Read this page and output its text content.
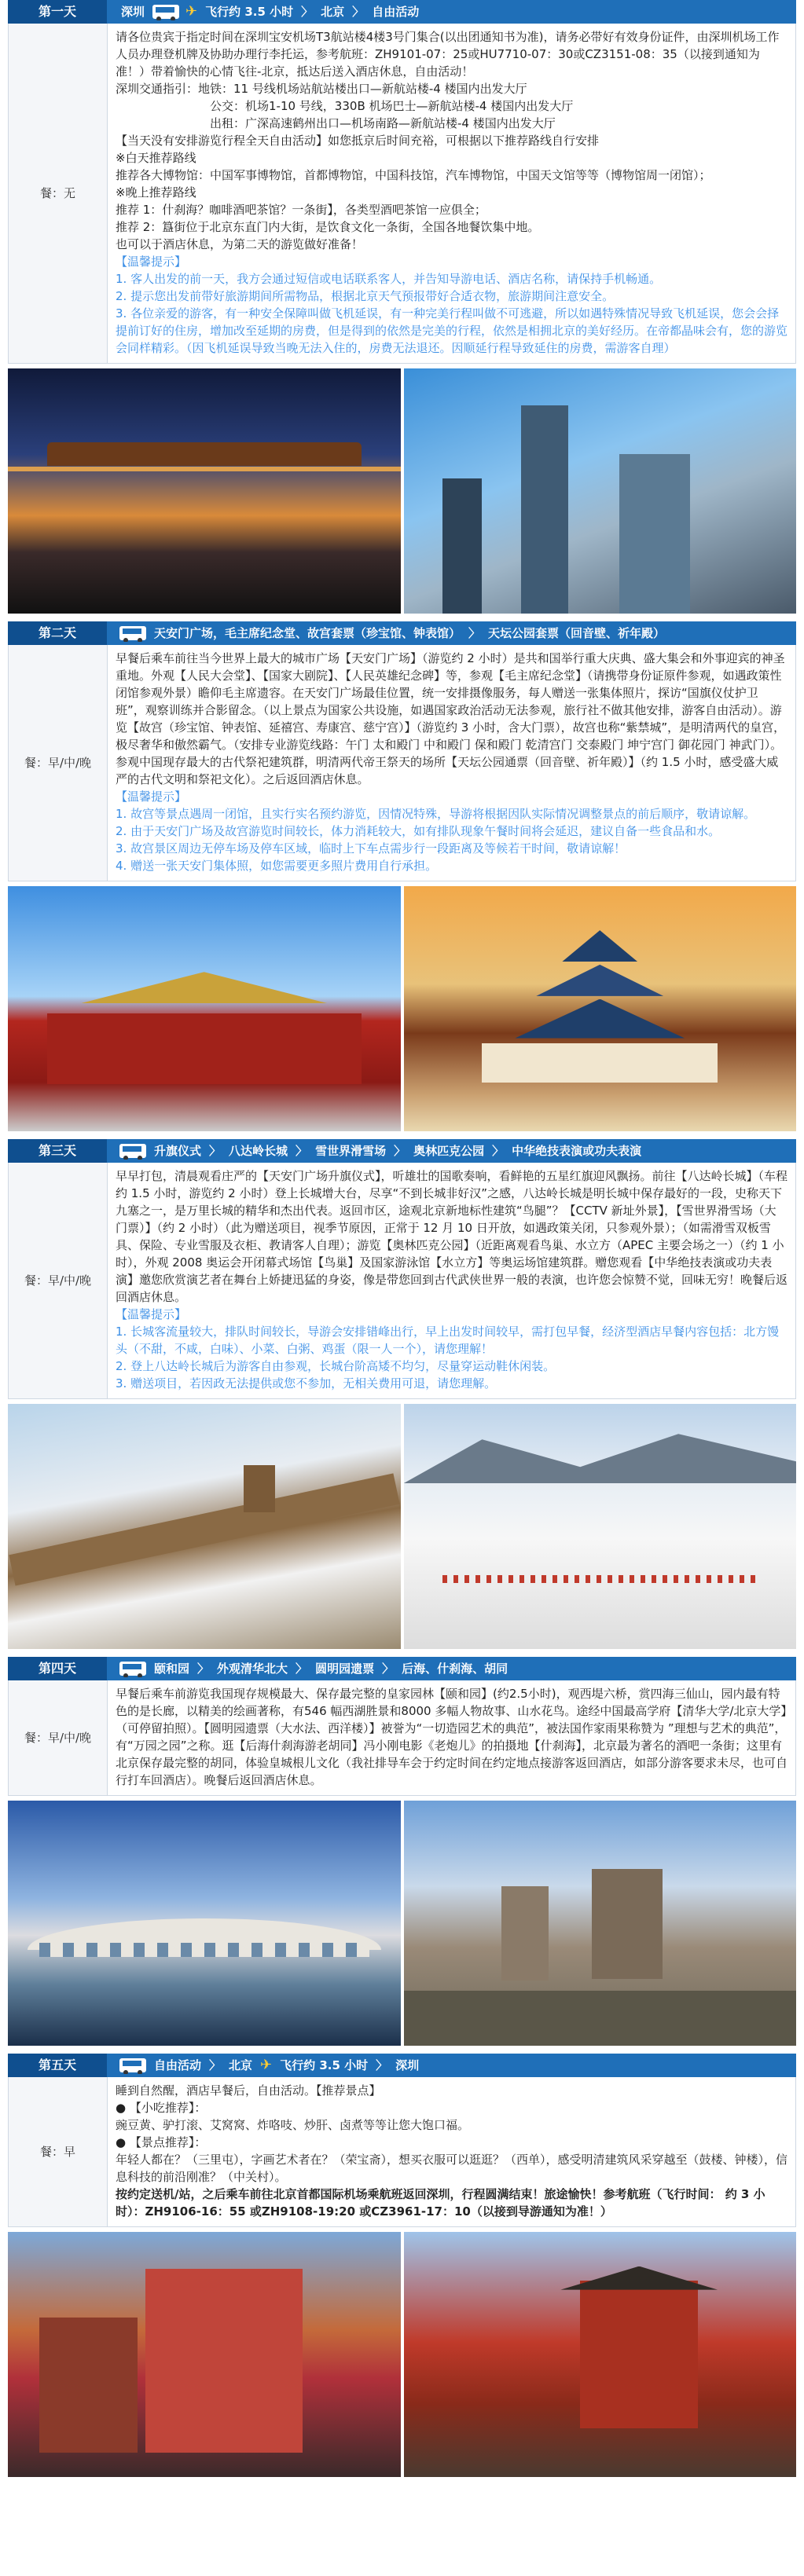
第一天	深圳	✈ 飞行约 3.5 小时 〉 北京 〉 自由活动
餐：无

请各位贵宾于指定时间在深圳宝安机场T3航站楼4楼3号门集合(以出团通知书为准)，请务必带好有效身份证件，由深圳机场工作人员办理登机牌及协助办理行李托运，参考航班：ZH9101-07：25或HU7710-07：30或CZ3151-08：35（以接到通知为准！）带着愉快的心情飞往-北京，抵达后送入酒店休息，自由活动！

深圳交通指引：地铁：11 号线机场站航站楼出口—新航站楼-4 楼国内出发大厅

公交：机场1-10 号线，330B 机场巴士—新航站楼-4 楼国内出发大厅

出租：广深高速鹤州出口—机场南路—新航站楼-4 楼国内出发大厅

【当天没有安排游览行程全天自由活动】如您抵京后时间充裕，可根据以下推荐路线自行安排

※白天推荐路线

推荐各大博物馆：中国军事博物馆，首都博物馆，中国科技馆，汽车博物馆，中国天文馆等等（博物馆周一闭馆）；

※晚上推荐路线

推荐 1：什刹海？咖啡酒吧茶馆？一条街】，各类型酒吧茶馆一应俱全；

推荐 2：簋街位于北京东直门内大街，是饮食文化一条街，全国各地餐饮集中地。

也可以于酒店休息，为第二天的游览做好准备！

【温馨提示】

1. 客人出发的前一天，我方会通过短信或电话联系客人，并告知导游电话、酒店名称，请保持手机畅通。

2. 提示您出发前带好旅游期间所需物品，根据北京天气预报带好合适衣物，旅游期间注意安全。

3. 各位亲爱的游客，有一种安全保障叫做飞机延误，有一种完美行程叫做不可逃避，所以如遇特殊情况导致飞机延误，您会会择提前订好的住房，增加改至延期的房费，但是得到的依然是完美的行程，依然是相拥北京的美好经历。在帝都晶味会有，您的游览会同样精彩。（因飞机延误导致当晚无法入住的，房费无法退还。因顺延行程导致延住的房费，需游客自理）

第二天	天安门广场，毛主席纪念堂、故宫套票（珍宝馆、钟表馆） 〉 天坛公园套票（回音壁、祈年殿）
餐：早/中/晚

早餐后乘车前往当今世界上最大的城市广场【天安门广场】（游览约 2 小时）是共和国举行重大庆典、盛大集会和外事迎宾的神圣重地。外观【人民大会堂】、【国家大剧院】、【人民英雄纪念碑】等，参观【毛主席纪念堂】（请携带身份证原件参观，如遇政策性闭馆参观外景）瞻仰毛主席遗容。在天安门广场最佳位置，统一安排摄像服务，每人赠送一张集体照片，探访“国旗仪仗护卫班”，观察训练并合影留念。（以上景点为国家公共设施，如遇国家政治活动无法参观，旅行社不做其他安排，游客自由活动）。游览【故宫（珍宝馆、钟表馆、延禧宫、寿康宫、慈宁宫）】（游览约 3 小时，含大门票），故宫也称“紫禁城”，是明清两代的皇宫，极尽奢华和傲然霸气。（安排专业游览线路：午门 太和殿门 中和殿门 保和殿门 乾清宫门 交泰殿门 坤宁宫门 御花园门 神武门）。参观中国现存最大的古代祭祀建筑群，明清两代帝王祭天的场所【天坛公园通票（回音壁、祈年殿）】（约 1.5 小时，感受盛大威严的古代文明和祭祀文化）。之后返回酒店休息。

【温馨提示】

1. 故宫等景点遇周一闭馆，且实行实名预约游览，因情况特殊，导游将根据因队实际情况调整景点的前后顺序，敬请谅解。

2. 由于天安门广场及故宫游览时间较长，体力消耗较大，如有排队现象午餐时间将会延迟，建议自备一些食品和水。

3. 故宫景区周边无停车场及停车区域，临时上下车点需步行一段距离及等候若干时间，敬请谅解！

4. 赠送一张天安门集体照，如您需要更多照片费用自行承担。

第三天	升旗仪式 〉 八达岭长城 〉 雪世界滑雪场 〉 奥林匹克公园 〉 中华绝技表演或功夫表演
餐：早/中/晚

早早打包，清晨观看庄严的【天安门广场升旗仪式】，听雄壮的国歌奏响，看鲜艳的五星红旗迎风飘扬。前往【八达岭长城】（车程约 1.5 小时，游览约 2 小时）登上长城增大台，尽享“不到长城非好汉”之感，八达岭长城是明长城中保存最好的一段，史称天下九塞之一，是万里长城的精华和杰出代表。返回市区，途观北京新地标性建筑“鸟腿”？【CCTV 新址外景】，【雪世界滑雪场（大门票）】（约 2 小时）（此为赠送项目，视季节原因，正常于 12 月 10 日开放，如遇政策关闭，只参观外景）；（如需滑雪双板雪具、保险、专业雪服及衣柜、教请客人自理）；游览【奥林匹克公园】（近距离观看鸟巢、水立方（APEC 主要会场之一）（约 1 小时），外观 2008 奥运会开闭幕式场馆【鸟巢】及国家游泳馆【水立方】等奥运场馆建筑群。赠您观看【中华绝技表演或功夫表演】邀您欣赏演艺者在舞台上娇捷迅猛的身姿，像是带您回到古代武侠世界一般的表演，也许您会惊赞不觉，回味无穷！晚餐后返回酒店休息。

【温馨提示】

1. 长城客流量较大，排队时间较长，导游会安排错峰出行，早上出发时间较早，需打包早餐，经济型酒店早餐内容包括：北方馒头（不甜，不咸，白味）、小菜、白粥、鸡蛋（限一人一个），请您理解！

2. 登上八达岭长城后为游客自由参观，长城台阶高矮不均匀，尽量穿运动鞋休闲装。

3. 赠送项目，若因政无法提供或您不参加，无相关费用可退，请您理解。

第四天	颐和园 〉 外观清华北大 〉 圆明园遗票 〉 后海、什刹海、胡同
餐：早/中/晚

早餐后乘车前游览我国现存规模最大、保存最完整的皇家园林【颐和园】(约2.5小时)，观西堤六桥，赏四海三仙山，园内最有特色的是长廊，以精美的绘画著称，有546 幅西湖胜景和8000 多幅人物故事、山水花鸟。途经中国最高学府【清华大学/北京大学】（可停留拍照）。【圆明园遗票（大水法、西洋楼）】被誉为“一切造园艺术的典范”，被法国作家雨果称赞为 ”理想与艺术的典范”，有“万园之园”之称。逛【后海什刹海游老胡同】冯小刚电影《老炮儿》的拍摄地【什刹海】，北京最为著名的酒吧一条街；这里有北京保存最完整的胡同，体验皇城根儿文化（我社排导车会于约定时间在约定地点接游客返回酒店，如部分游客要求未尽，也可自行打车回酒店）。晚餐后返回酒店休息。

第五天	自由活动 〉 北京 ✈ 飞行约 3.5 小时 〉 深圳
餐：早

睡到自然醒，酒店早餐后，自由活动。【推荐景点】

● 【小吃推荐】：

豌豆黄、驴打滚、艾窝窝、炸咯吱、炒肝、卤煮等等让您大饱口福。

● 【景点推荐】：

年轻人都在？（三里屯），字画艺术者在？（荣宝斋），想买衣服可以逛逛？（西单），感受明清建筑风采穿越至（鼓楼、钟楼），信息科技的前沿刚准？（中关村）。

按约定送机/站，之后乘车前往北京首都国际机场乘航班返回深圳，行程圆满结束！旅途愉快！参考航班（飞行时间： 约 3 小时）：ZH9106-16：55 或ZH9108-19:20 或CZ3961-17：10（以接到导游通知为准！）
